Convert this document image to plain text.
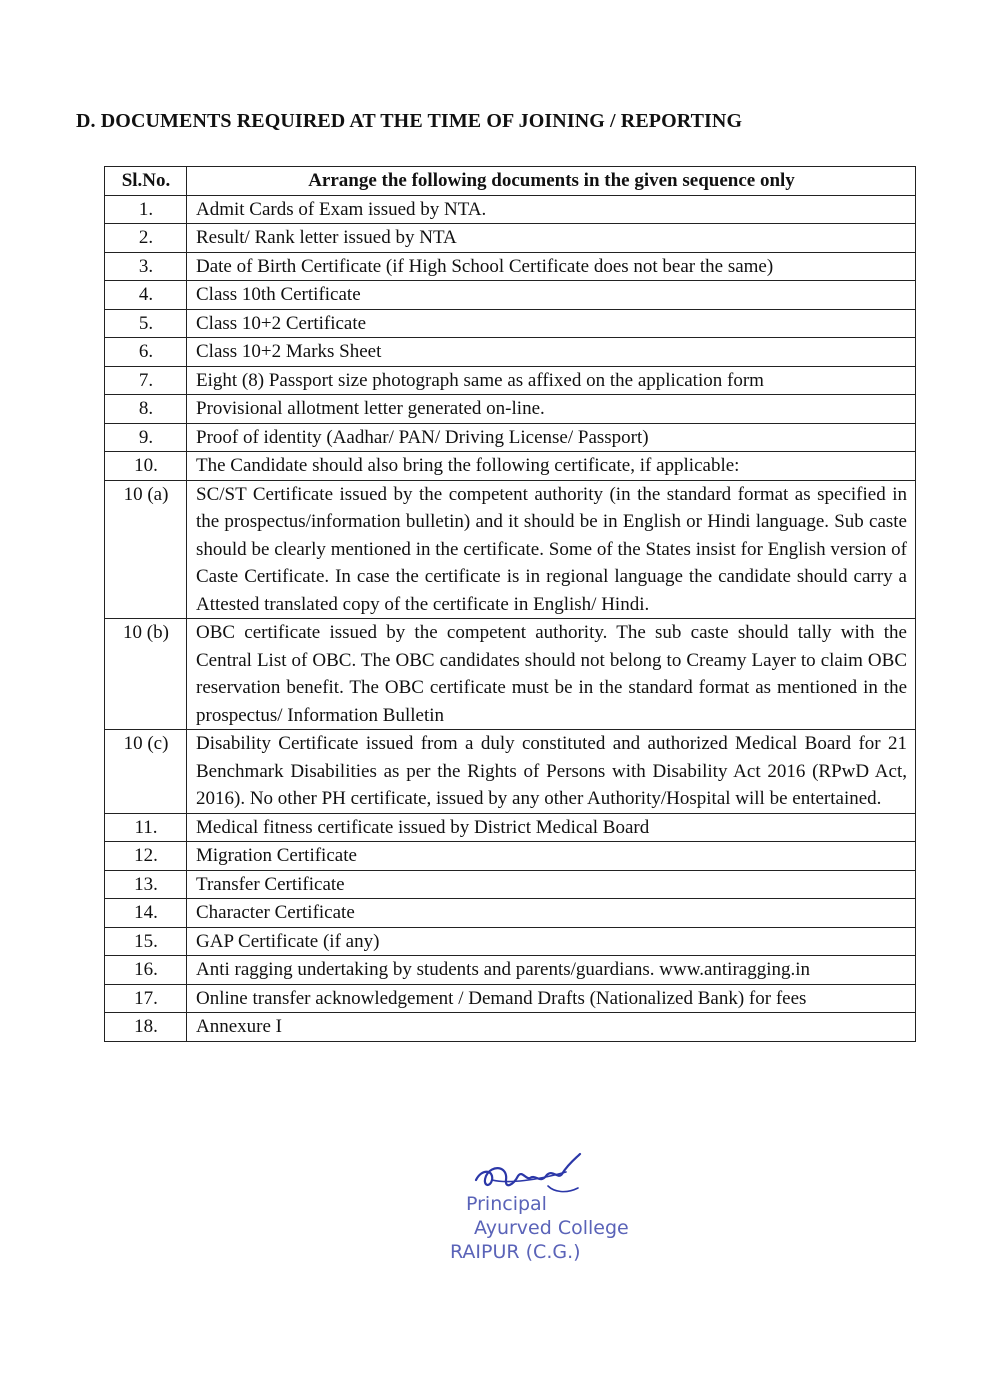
D. DOCUMENTS REQUIRED AT THE TIME OF JOINING / REPORTING
Sl.No.	Arrange the following documents in the given sequence only
1.	Admit Cards of Exam issued by NTA.
2.	Result/ Rank letter issued by NTA
3.	Date of Birth Certificate (if High School Certificate does not bear the same)
4.	Class 10th Certificate
5.	Class 10+2 Certificate
6.	Class 10+2 Marks Sheet
7.	Eight (8) Passport size photograph same as affixed on the application form
8.	Provisional allotment letter generated on-line.
9.	Proof of identity (Aadhar/ PAN/ Driving License/ Passport)
10.	The Candidate should also bring the following certificate, if applicable:
10 (a)	SC/ST Certificate issued by the competent authority (in the standard format as specified in the prospectus/information bulletin) and it should be in English or Hindi language. Sub caste should be clearly mentioned in the certificate. Some of the States insist for English version of Caste Certificate. In case the certificate is in regional language the candidate should carry a Attested translated copy of the certificate in English/ Hindi.
10 (b)	OBC certificate issued by the competent authority. The sub caste should tally with the Central List of OBC. The OBC candidates should not belong to Creamy Layer to claim OBC reservation benefit. The OBC certificate must be in the standard format as mentioned in the prospectus/ Information Bulletin
10 (c)	Disability Certificate issued from a duly constituted and authorized Medical Board for 21 Benchmark Disabilities as per the Rights of Persons with Disability Act 2016 (RPwD Act, 2016). No other PH certificate, issued by any other Authority/Hospital will be entertained.
11.	Medical fitness certificate issued by District Medical Board
12.	Migration Certificate
13.	Transfer Certificate
14.	Character Certificate
15.	GAP Certificate (if any)
16.	Anti ragging undertaking by students and parents/guardians. www.antiragging.in
17.	Online transfer acknowledgement / Demand Drafts (Nationalized Bank) for fees
18.	Annexure I
Principal
Ayurved College
RAIPUR (C.G.)
